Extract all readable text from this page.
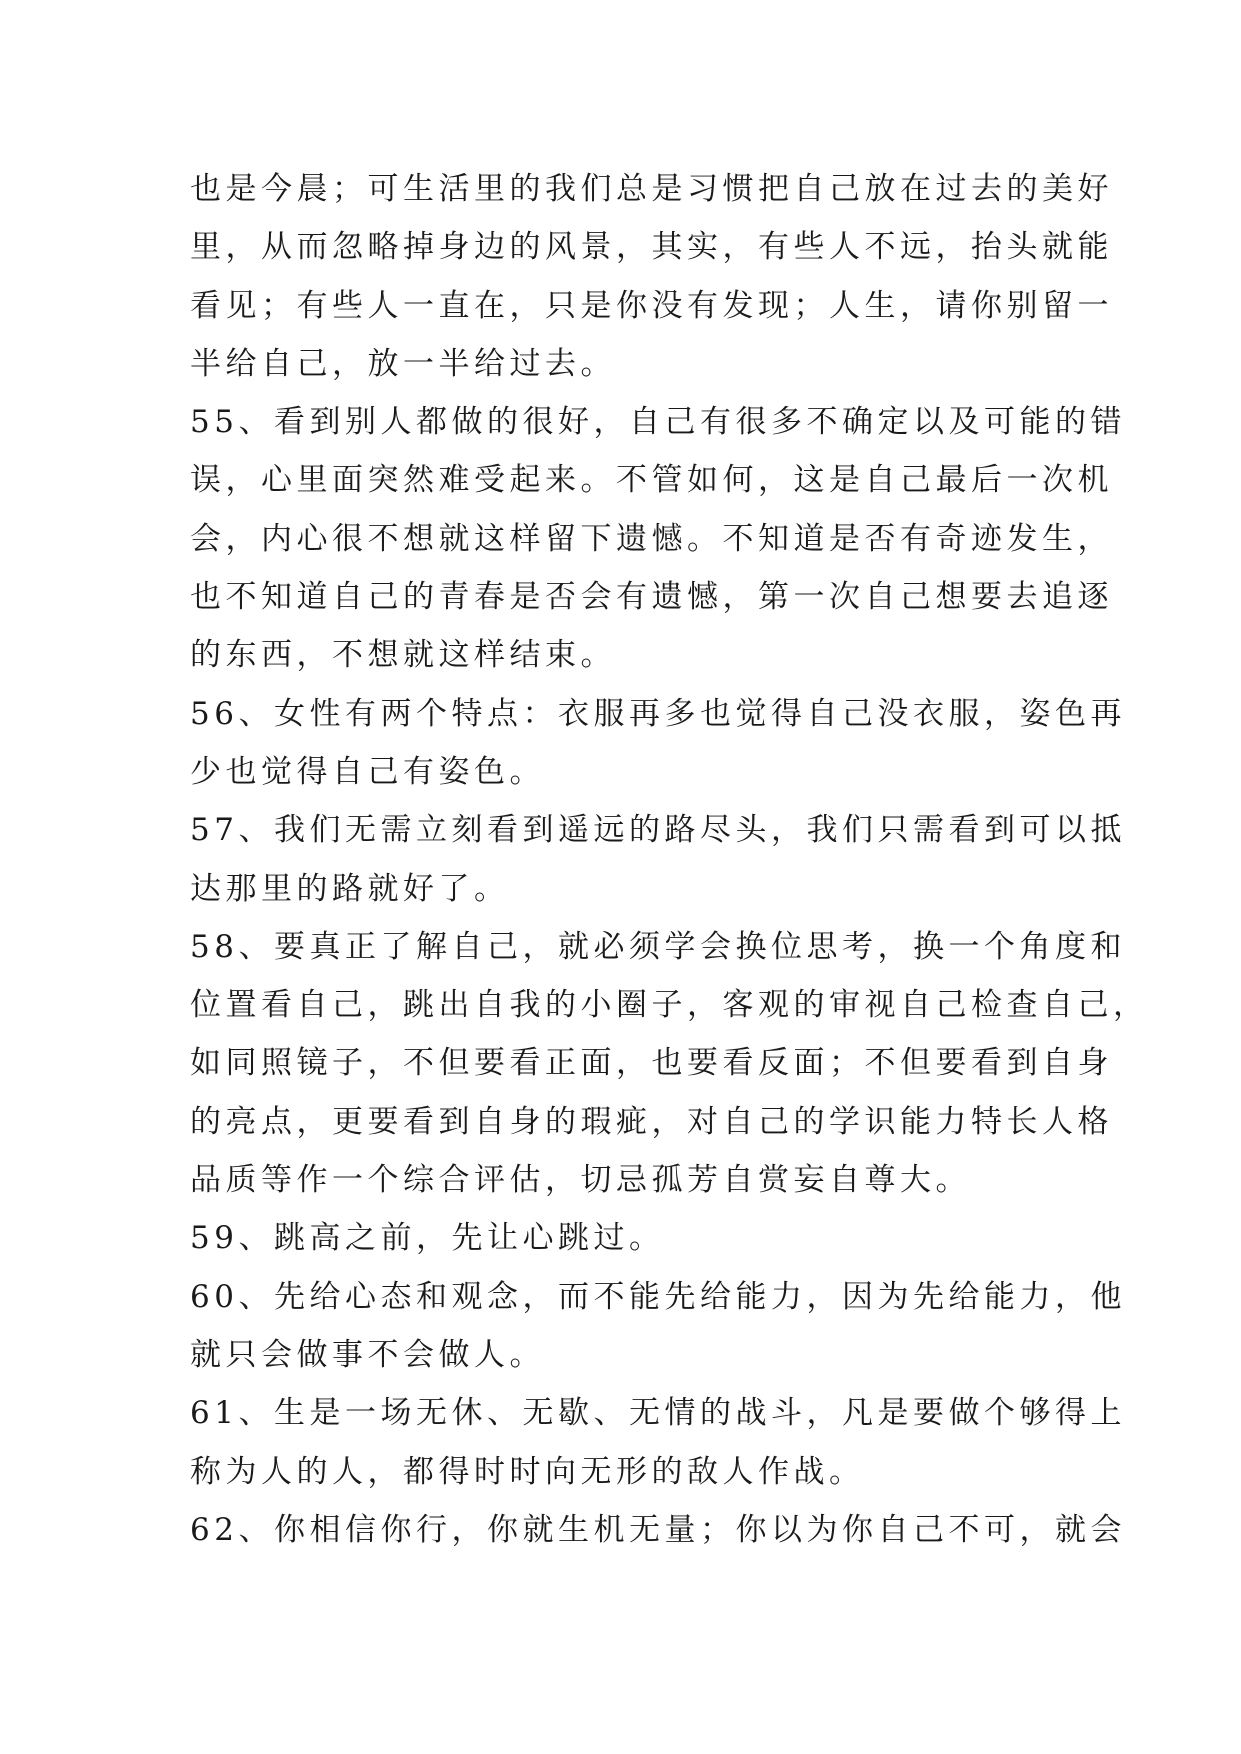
也是今晨；可生活里的我们总是习惯把自己放在过去的美好
里，从而忽略掉身边的风景，其实，有些人不远，抬头就能
看见；有些人一直在，只是你没有发现；人生，请你别留一
半给自己，放一半给过去。

55、看到别人都做的很好，自己有很多不确定以及可能的错
误，心里面突然难受起来。不管如何，这是自己最后一次机
会，内心很不想就这样留下遗憾。不知道是否有奇迹发生，
也不知道自己的青春是否会有遗憾，第一次自己想要去追逐
的东西，不想就这样结束。

56、女性有两个特点：衣服再多也觉得自己没衣服，姿色再
少也觉得自己有姿色。

57、我们无需立刻看到遥远的路尽头，我们只需看到可以抵
达那里的路就好了。

58、要真正了解自己，就必须学会换位思考，换一个角度和
位置看自己，跳出自我的小圈子，客观的审视自己检查自己，
如同照镜子，不但要看正面，也要看反面；不但要看到自身
的亮点，更要看到自身的瑕疵，对自己的学识能力特长人格
品质等作一个综合评估，切忌孤芳自赏妄自尊大。

59、跳高之前，先让心跳过。

60、先给心态和观念，而不能先给能力，因为先给能力，他
就只会做事不会做人。

61、生是一场无休、无歇、无情的战斗，凡是要做个够得上
称为人的人，都得时时向无形的敌人作战。

62、你相信你行，你就生机无量；你以为你自己不可，就会
